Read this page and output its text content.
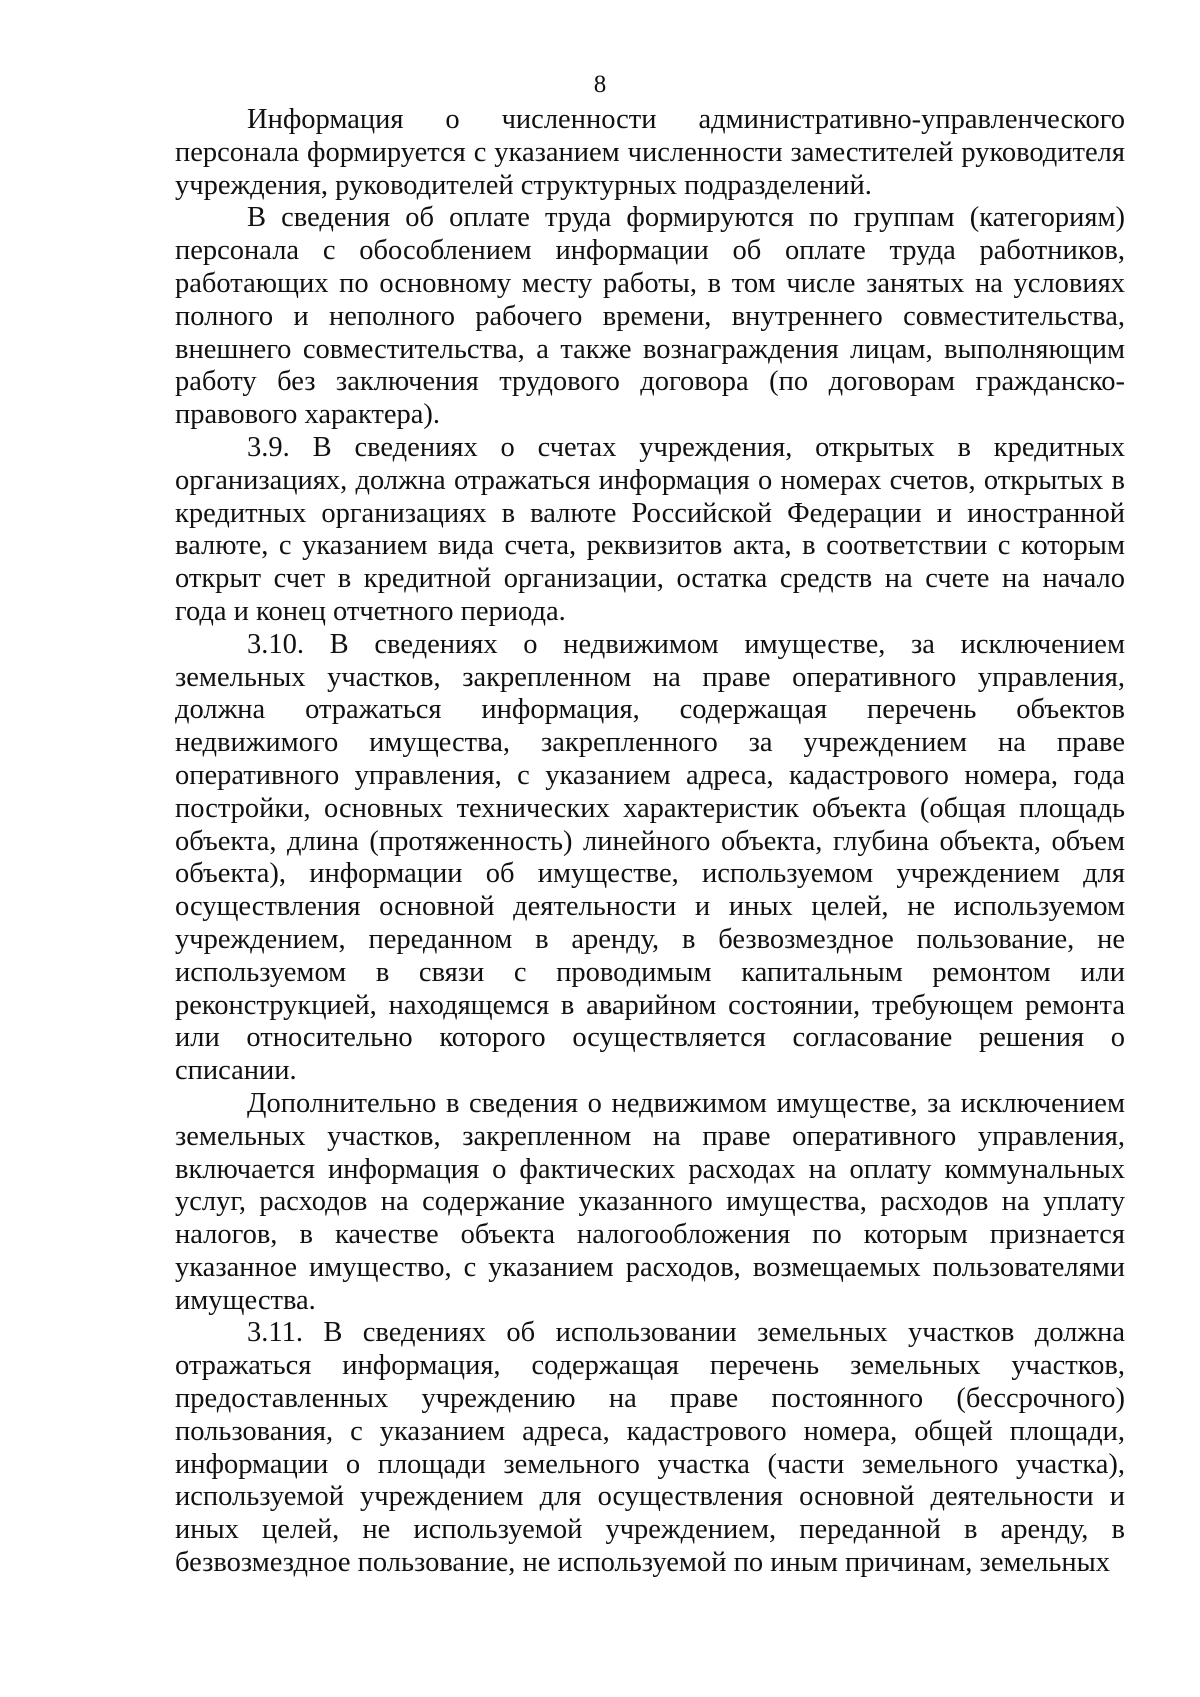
8

Информация о численности административно-управленческого персонала формируется с указанием численности заместителей руководителя учреждения, руководителей структурных подразделений.

В сведения об оплате труда формируются по группам (категориям) персонала с обособлением информации об оплате труда работников, работающих по основному месту работы, в том числе занятых на условиях полного и неполного рабочего времени, внутреннего совместительства, внешнего совместительства, а также вознаграждения лицам, выполняющим работу без заключения трудового договора (по договорам гражданско-правового характера).

3.9. В сведениях о счетах учреждения, открытых в кредитных организациях, должна отражаться информация о номерах счетов, открытых в кредитных организациях в валюте Российской Федерации и иностранной валюте, с указанием вида счета, реквизитов акта, в соответствии с которым открыт счет в кредитной организации, остатка средств на счете на начало года и конец отчетного периода.

3.10. В сведениях о недвижимом имуществе, за исключением земельных участков, закрепленном на праве оперативного управления, должна отражаться информация, содержащая перечень объектов недвижимого имущества, закрепленного за учреждением на праве оперативного управления, с указанием адреса, кадастрового номера, года постройки, основных технических характеристик объекта (общая площадь объекта, длина (протяженность) линейного объекта, глубина объекта, объем объекта), информации об имуществе, используемом учреждением для осуществления основной деятельности и иных целей, не используемом учреждением, переданном в аренду, в безвозмездное пользование, не используемом в связи с проводимым капитальным ремонтом или реконструкцией, находящемся в аварийном состоянии, требующем ремонта или относительно которого осуществляется согласование решения о списании.

Дополнительно в сведения о недвижимом имуществе, за исключением земельных участков, закрепленном на праве оперативного управления, включается информация о фактических расходах на оплату коммунальных услуг, расходов на содержание указанного имущества, расходов на уплату налогов, в качестве объекта налогообложения по которым признается указанное имущество, с указанием расходов, возмещаемых пользователями имущества.

3.11. В сведениях об использовании земельных участков должна отражаться информация, содержащая перечень земельных участков, предоставленных учреждению на праве постоянного (бессрочного) пользования, с указанием адреса, кадастрового номера, общей площади, информации о площади земельного участка (части земельного участка), используемой учреждением для осуществления основной деятельности и иных целей, не используемой учреждением, переданной в аренду, в безвозмездное пользование, не используемой по иным причинам, земельных
